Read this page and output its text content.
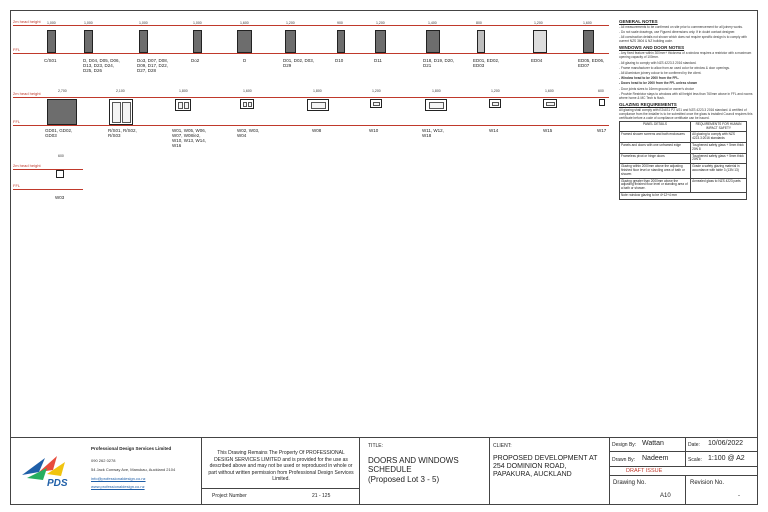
2m head height
FFL
1,000	1,000	1,000	1,000	1,600	1,200	900	1,200	1,400	800	1,200	1,600
C/S01	D, D04, D05, D06, D13, D23, D24, D25, D26
Do3, D07, D08, D09, D17, D22, D27, D28
Do2	D	D01, D02, D03, D29
D10	D11	D18, D19, D20, D21
ED01, ED02, ED03
ED04	ED05, ED06, ED07
2m head height
FFL
2,700	2,100	1,800	1,600	1,800	1,200	1,800	1,200	1,600	600
GD01, GD02, GD03
R/S01, R/S02, R/S03
W01, W05, W06, W07, W08/e2, W10, W13, W14, W16
W02, W03, W04
W08	W10	W11, W12, W18
W14	W15	W17
2m head height
FFL
600
W03
GENERAL NOTES

- All measurements to be confirmed on site prior to commencement for all joinery works.

- Do not scale drawings, use Figured dimensions only. If in doubt contact designer.

- All construction details not shown which does not require specific design is to comply with current NZS 3604 & NZ building code.

WINDOWS AND DOOR NOTES

- Any fixed feature within 300mm+ thickness of a window requires a restrictor with a maximum opening capacity of 100mm.

- All glazing to comply with NZS 4223.3 2016 standard.

- Frame manufacturer to allow from an used color for window & door openings.

- All Aluminium joinery colour to be confirmed by the client.

- Window head to be 2000 from the FFL.

- Doors head to be 2000 from the FFL unless shown

- Door joints sizes to 16mm ground or owner's choice

- Provide Restrictor stays to windows with sill height less than 760mm above in FFL and rooms where home & MC Tech is flush.

GLAZING REQUIREMENTS

All glazing shall comply with E2/AS1 P2 4/21 and NZS 4223.3 2016 standard. A certified of compliance from the installer is to be submitted once the glass is installed Council requires this certificate before a code of compliance certificate can be issued.

PANEL DETAILS	REQUIREMENTS FOR HUMAN IMPACT SAFETY
Framed shower screens and bath enclosures	All glazing to comply with NZS 4223.3:2016 standards
Panels and doors with one unframed edge	Toughened safety glass + 5mm thick 20N 8
Frameless pivot or hinge doors	Toughened safety glass + 5mm thick 20N 8
Glazing within 2000mm above the adjusting finished floor level or standing area of bath or shower.	Grade a safety glazing material in accordance with table 3 (13N 13)
Glazing greater than 2000mm above the adjusting finished floor level or standing area of a bath or shower.	Annealed glass to NZS 4223 parts
Note: window glazing to be 4+12+4 mm	
PDS
Professional Design Services Limited
090 262 0278
54 Jack Conway Ave, Manukau, Auckland 2104
info@professionaldesign.co.nz
www.professionaldesign.co.nz
This Drawing Remains The Property Of PROFESSIONAL DESIGN SERVICES LIMITED and is provided for the use as described above and may not be used or reproduced in whole or part without written permission from Professional Design Services Limited.
Project Number	21 - 125
TITLE:
DOORS AND WINDOWS SCHEDULE
(Proposed Lot 3 - 5)
CLIENT:
PROPOSED DEVELOPMENT AT 254 DOMINION ROAD, PAPAKURA, AUCKLAND
Design By: Wattan	Date: 10/06/2022
Drawn By: Nadeem	Scale: 1:100 @ A2
DRAFT ISSUE
Drawing No.
A10
Revision No.
-
